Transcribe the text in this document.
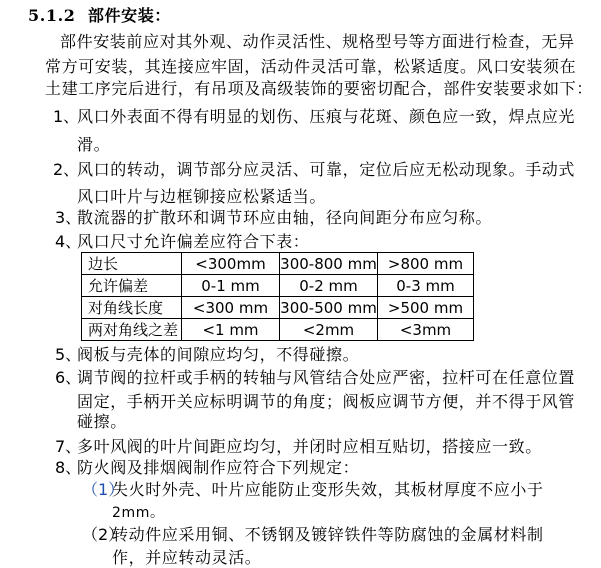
5.1.2 部件安装：
部件安装前应对其外观、动作灵活性、规格型号等方面进行检查，无异
常方可安装，其连接应牢固，活动件灵活可靠，松紧适度。风口安装须在
土建工序完后进行，有吊项及高级装饰的要密切配合，部件安装要求如下：
1、
风口外表面不得有明显的划伤、压痕与花斑、颜色应一致，焊点应光
滑。
2、
风口的转动，调节部分应灵活、可靠，定位后应无松动现象。手动式
风口叶片与边框铆接应松紧适当。
3、
散流器的扩散环和调节环应由轴，径向间距分布应匀称。
4、
风口尺寸允许偏差应符合下表：
边长	<300mm	300-800 mm	>800 mm
允许偏差	0-1 mm	0-2 mm	0-3 mm
对角线长度	<300 mm	300-500 mm	>500 mm
两对角线之差	<1 mm	<2mm	<3mm
5、
阀板与壳体的间隙应均匀，不得碰擦。
6、
调节阀的拉杆或手柄的转轴与风管结合处应严密，拉杆可在任意位置
固定，手柄开关应标明调节的角度；阀板应调节方便，并不得于风管
碰擦。
7、
多叶风阀的叶片间距应均匀，并闭时应相互贴切，搭接应一致。
8、
防火阀及排烟阀制作应符合下列规定：
（1）
失火时外壳、叶片应能防止变形失效，其板材厚度不应小于
2mm。
（2）
转动件应采用铜、不锈钢及镀锌铁件等防腐蚀的金属材料制
作，并应转动灵活。
